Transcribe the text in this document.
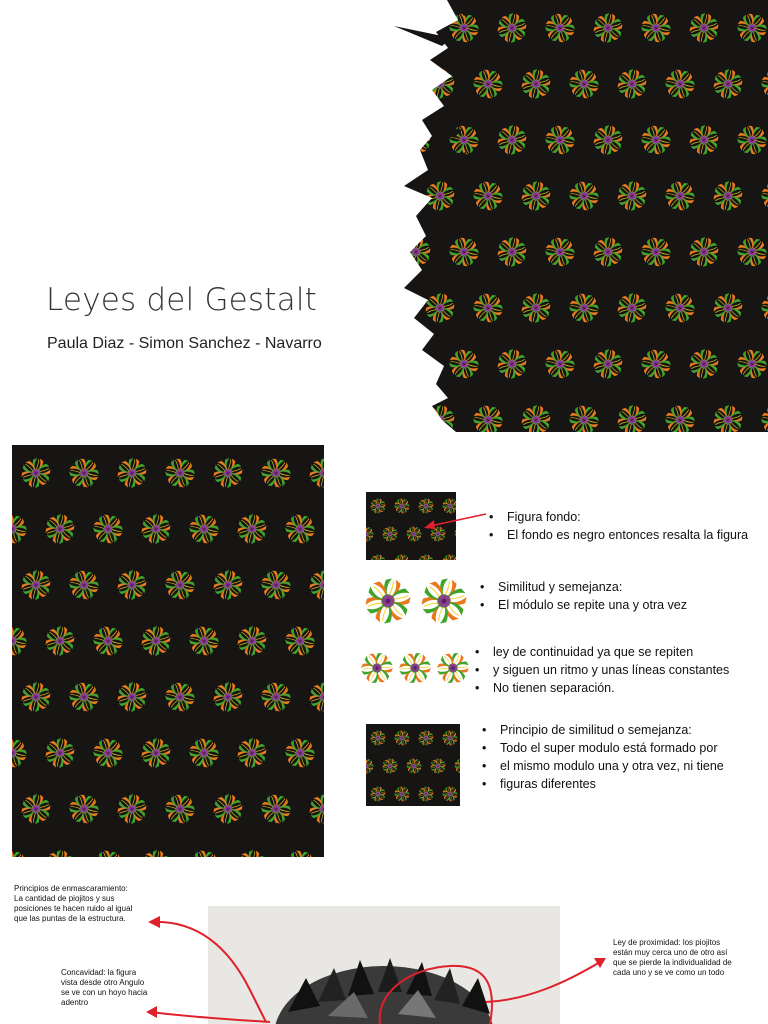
Leyes del Gestalt
Paula Diaz - Simon Sanchez - Navarro
• Figura fondo:
• El fondo es negro entonces resalta la figura
• Similitud y semejanza:
• El módulo se repite una y otra vez
• ley de continuidad ya que se repiten
• y siguen un ritmo y unas líneas constantes
• No tienen separación.
• Principio de similitud o semejanza:
• Todo el super modulo está formado por
• el mismo modulo una y otra vez, ni tiene
• figuras diferentes
Principios de enmascaramiento:
La cantidad de piojitos y sus posiciones te hacen ruido al igual que las puntas de la estructura.
Concavidad: la figura vista desde otro Angulo se ve con un hoyo hacia adentro
Ley de proximidad: los piojitos están muy cerca uno de otro así que se pierde la individualidad de cada uno y se ve como un todo
